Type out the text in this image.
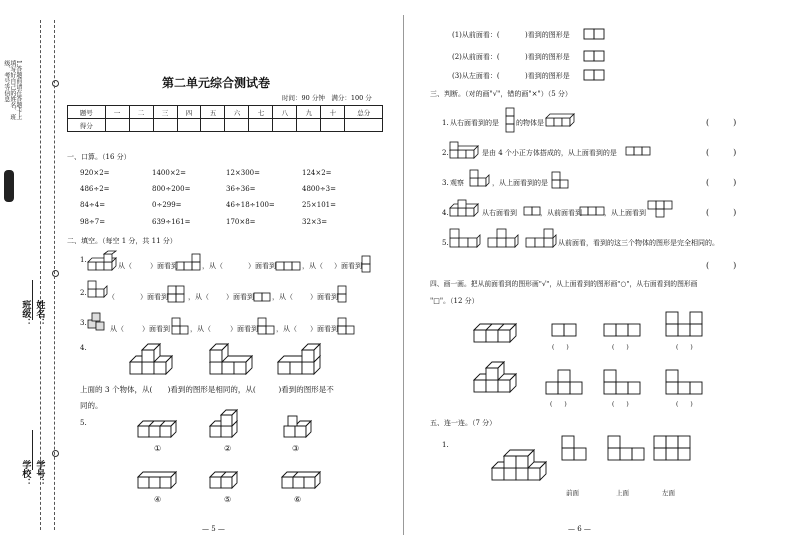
1.答题前请在答题卡上
填写好自己的姓名、班
级、考号等信息
班级： 姓名：
学校： 学号：
第二单元综合测试卷
时间：90 分钟　满分：100 分
题号	一	二	三	四	五	六	七	八	九	十	总分
得分											
一、口算。（16 分）
920×2=	1400×2=	12×300=	124×2=
486÷2=	800÷200=	36÷36=	4800÷3=
84÷4=	0÷299=	46÷18÷100=	25×101=
98÷7=	639÷161=	170×8=	32×3=
二、填空。（每空 1 分，共 11 分）
1.
从（	）面看到	，从（	）面看到	，从（ ）面看到
2.	（	）面看到	，从（ ）面看到	，从（ ）面看到
3.
从（	）面看到	，从（	）面看到	，从（ ）面看到
4.
上面的 3 个物体，从(　　)看到的图形是相同的，从(　　　)看到的图形是不
同的。
5.
①	②	③
④	⑤	⑥
— 5 —
(1)从前面看：( 　　　)看到的图形是
(2)从前面看：( 　　　)看到的图形是
(3)从左面看：( 　　　)看到的图形是
三、判断。（对的画"√"，错的画"×"）（5 分）
1. 从右面看到的是 的物体是	(　　　)
2.	是由 4 个小正方体搭成的，从上面看到的是	(　　　)
3. 观察	，从上面看到的是	(　　　)
4.	从右面看到	，从前面看到	，从上面看到	(　　　)
5.	从前面看，看到的这三个物体的图形是完全相同的。
(　　　)
四、画一画。把从前面看到的图形画"√"，从上面看到的图形画"○"，从右面看到的图形画
"□"。（12 分）
(　　)	(　　)	(　　)
(　　)	(　　)	(　　)
五、连一连。（7 分）
1.
前面	上面	左面
— 6 —
